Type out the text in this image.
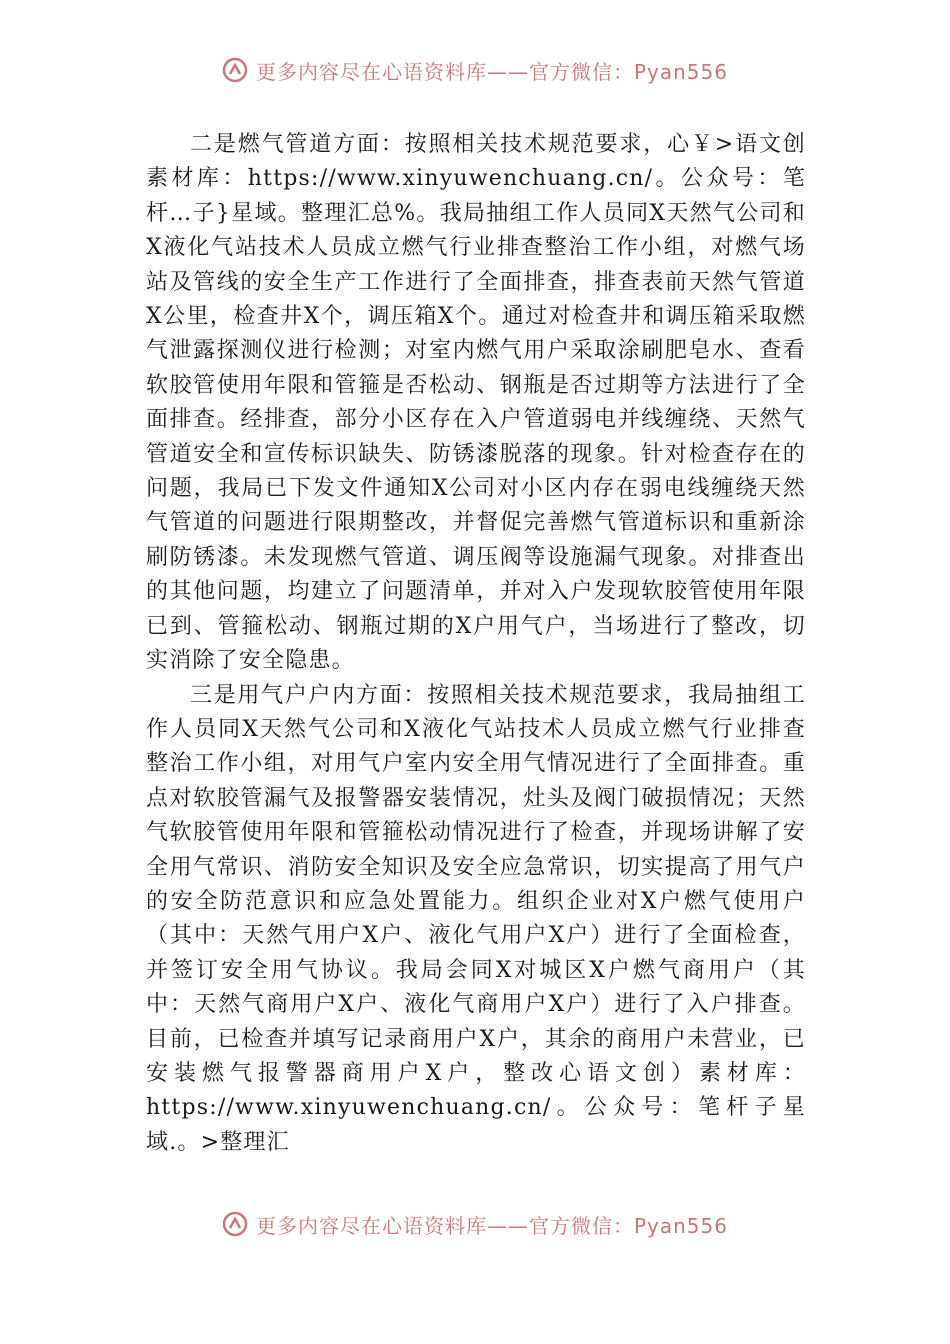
更多内容尽在心语资料库——官方微信：Pyan556

二是燃气管道方面：按照相关技术规范要求，心￥>语文创素材库：https://www.xinyuwenchuang.cn/。公众号：笔杆…子}星域。整理汇总%。我局抽组工作人员同X天然气公司和X液化气站技术人员成立燃气行业排查整治工作小组，对燃气场站及管线的安全生产工作进行了全面排查，排查表前天然气管道X公里，检查井X个，调压箱X个。通过对检查井和调压箱采取燃气泄露探测仪进行检测；对室内燃气用户采取涂刷肥皂水、查看软胶管使用年限和管箍是否松动、钢瓶是否过期等方法进行了全面排查。经排查，部分小区存在入户管道弱电并线缠绕、天然气管道安全和宣传标识缺失、防锈漆脱落的现象。针对检查存在的问题，我局已下发文件通知X公司对小区内存在弱电线缠绕天然气管道的问题进行限期整改，并督促完善燃气管道标识和重新涂刷防锈漆。未发现燃气管道、调压阀等设施漏气现象。对排查出的其他问题，均建立了问题清单，并对入户发现软胶管使用年限已到、管箍松动、钢瓶过期的X户用气户，当场进行了整改，切实消除了安全隐患。

三是用气户户内方面：按照相关技术规范要求，我局抽组工作人员同X天然气公司和X液化气站技术人员成立燃气行业排查整治工作小组，对用气户室内安全用气情况进行了全面排查。重点对软胶管漏气及报警器安装情况，灶头及阀门破损情况；天然气软胶管使用年限和管箍松动情况进行了检查，并现场讲解了安全用气常识、消防安全知识及安全应急常识，切实提高了用气户的安全防范意识和应急处置能力。组织企业对X户燃气使用户（其中：天然气用户X户、液化气用户X户）进行了全面检查，并签订安全用气协议。我局会同X对城区X户燃气商用户（其中：天然气商用户X户、液化气商用户X户）进行了入户排查。目前，已检查并填写记录商用户X户，其余的商用户未营业，已安装燃气报警器商用户X户，整改心语文创）素材库：https://www.xinyuwenchuang.cn/。公众号：笔杆子星域.。>整理汇

更多内容尽在心语资料库——官方微信：Pyan556
